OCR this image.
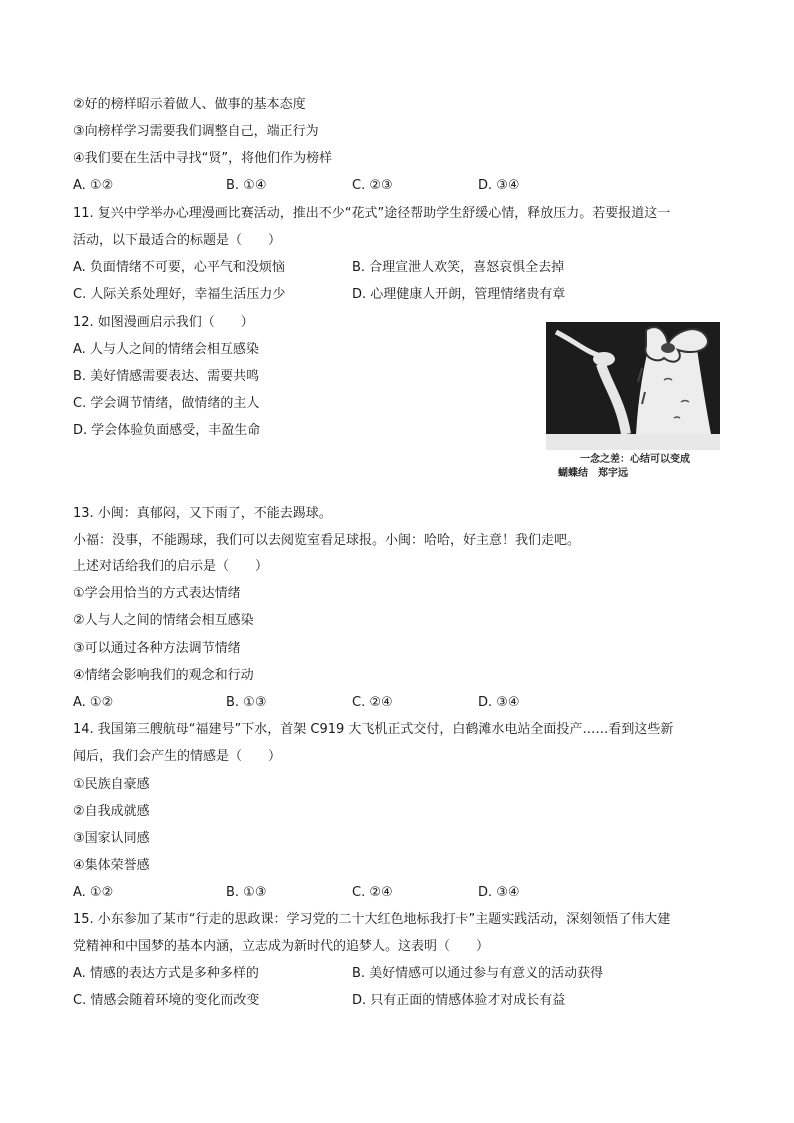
②好的榜样昭示着做人、做事的基本态度
③向榜样学习需要我们调整自己，端正行为
④我们要在生活中寻找“贤”，将他们作为榜样
A. ①②	B. ①④	C. ②③	D. ③④
11. 复兴中学举办心理漫画比赛活动，推出不少“花式”途径帮助学生舒缓心情，释放压力。若要报道这一
活动，以下最适合的标题是（　　）
A. 负面情绪不可要，心平气和没烦恼	B. 合理宣泄人欢笑，喜怒哀惧全去掉
C. 人际关系处理好，幸福生活压力少	D. 心理健康人开朗，管理情绪贵有章
12. 如图漫画启示我们（　　）
A. 人与人之间的情绪会相互感染
B. 美好情感需要表达、需要共鸣
C. 学会调节情绪，做情绪的主人
D. 学会体验负面感受，丰盈生命
一念之差：心结可以变成
蝴蝶结　郑宇远
13. 小闽：真郁闷，又下雨了，不能去踢球。
小福：没事，不能踢球，我们可以去阅览室看足球报。小闽：哈哈，好主意！我们走吧。
上述对话给我们的启示是（　　）
①学会用恰当的方式表达情绪
②人与人之间的情绪会相互感染
③可以通过各种方法调节情绪
④情绪会影响我们的观念和行动
A. ①②	B. ①③	C. ②④	D. ③④
14. 我国第三艘航母“福建号”下水，首架 C919 大飞机正式交付，白鹤滩水电站全面投产……看到这些新
闻后，我们会产生的情感是（　　）
①民族自豪感
②自我成就感
③国家认同感
④集体荣誉感
A. ①②	B. ①③	C. ②④	D. ③④
15. 小东参加了某市“行走的思政课：学习党的二十大红色地标我打卡”主题实践活动，深刻领悟了伟大建
党精神和中国梦的基本内涵，立志成为新时代的追梦人。这表明（　　）
A. 情感的表达方式是多种多样的	B. 美好情感可以通过参与有意义的活动获得
C. 情感会随着环境的变化而改变	D. 只有正面的情感体验才对成长有益
